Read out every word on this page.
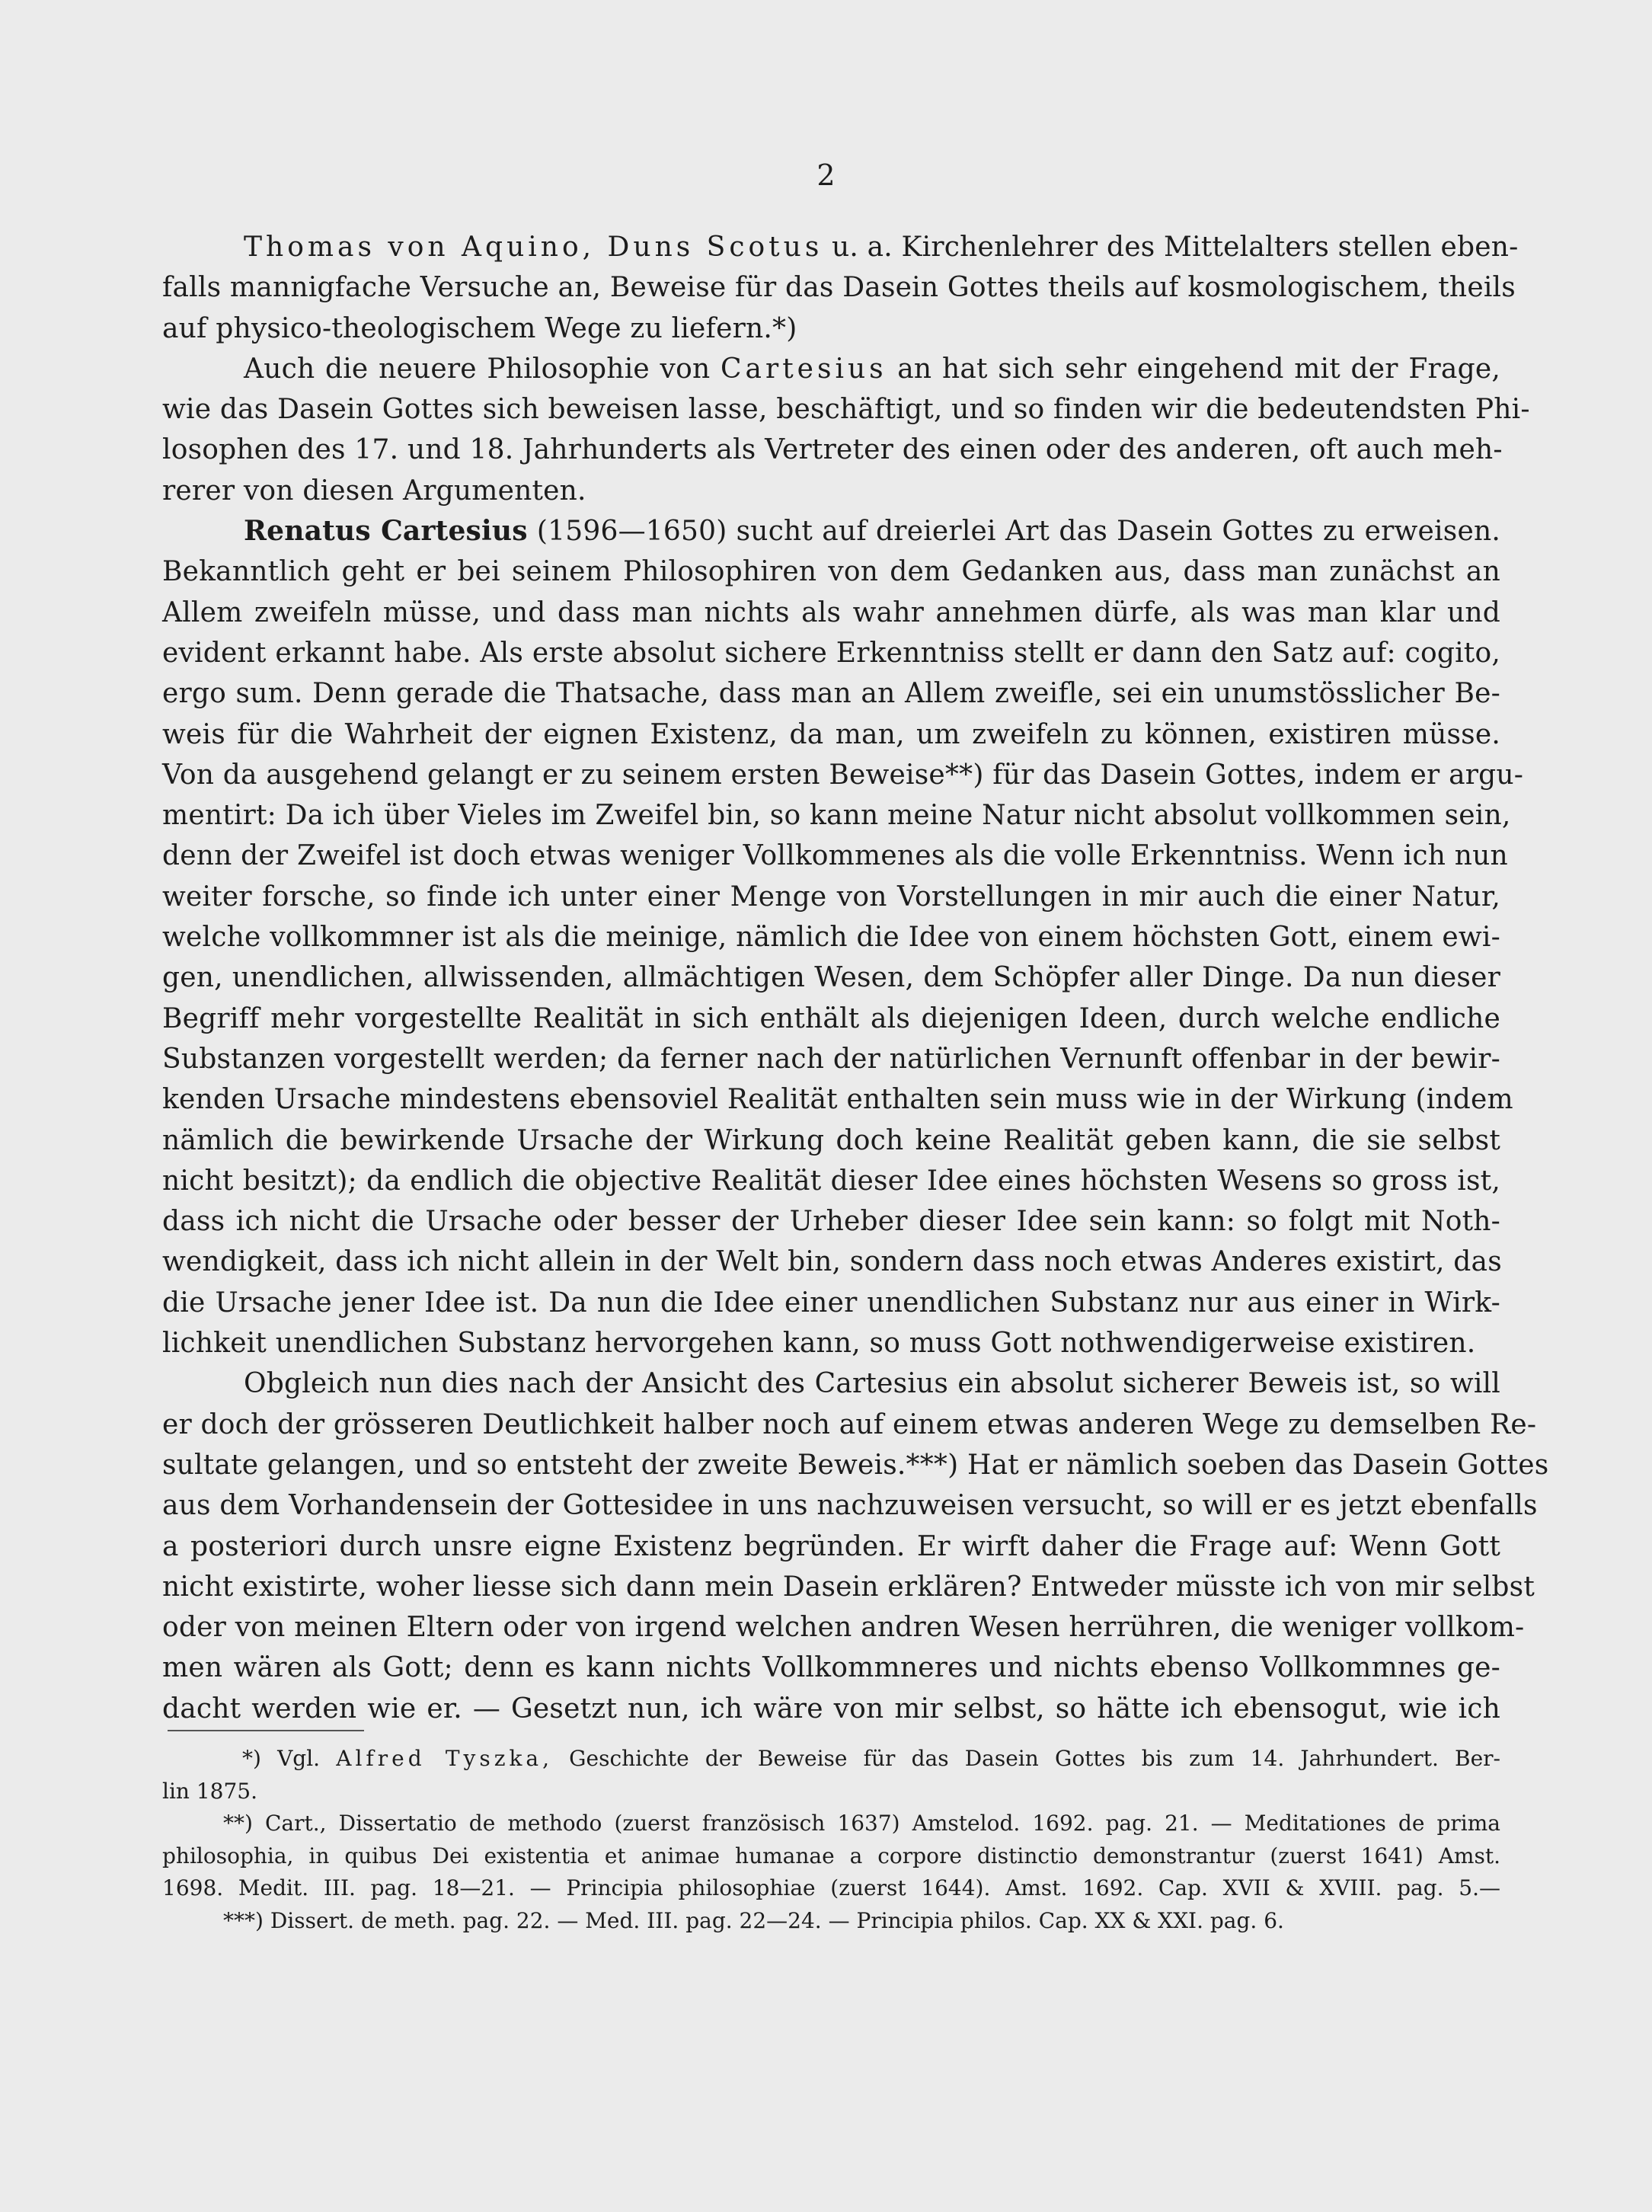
2
Thomas von Aquino, Duns Scotus u. a. Kirchenlehrer des Mittelalters stellen eben-
falls mannigfache Versuche an, Beweise für das Dasein Gottes theils auf kosmologischem, theils
auf physico-theologischem Wege zu liefern.*)
Auch die neuere Philosophie von Cartesius an hat sich sehr eingehend mit der Frage,
wie das Dasein Gottes sich beweisen lasse, beschäftigt, und so finden wir die bedeutendsten Phi-
losophen des 17. und 18. Jahrhunderts als Vertreter des einen oder des anderen, oft auch meh-
rerer von diesen Argumenten.
Renatus Cartesius (1596—1650) sucht auf dreierlei Art das Dasein Gottes zu erweisen.
Bekanntlich geht er bei seinem Philosophiren von dem Gedanken aus, dass man zunächst an
Allem zweifeln müsse, und dass man nichts als wahr annehmen dürfe, als was man klar und
evident erkannt habe. Als erste absolut sichere Erkenntniss stellt er dann den Satz auf: cogito,
ergo sum. Denn gerade die Thatsache, dass man an Allem zweifle, sei ein unumstösslicher Be-
weis für die Wahrheit der eignen Existenz, da man, um zweifeln zu können, existiren müsse.
Von da ausgehend gelangt er zu seinem ersten Beweise**) für das Dasein Gottes, indem er argu-
mentirt: Da ich über Vieles im Zweifel bin, so kann meine Natur nicht absolut vollkommen sein,
denn der Zweifel ist doch etwas weniger Vollkommenes als die volle Erkenntniss. Wenn ich nun
weiter forsche, so finde ich unter einer Menge von Vorstellungen in mir auch die einer Natur,
welche vollkommner ist als die meinige, nämlich die Idee von einem höchsten Gott, einem ewi-
gen, unendlichen, allwissenden, allmächtigen Wesen, dem Schöpfer aller Dinge. Da nun dieser
Begriff mehr vorgestellte Realität in sich enthält als diejenigen Ideen, durch welche endliche
Substanzen vorgestellt werden; da ferner nach der natürlichen Vernunft offenbar in der bewir-
kenden Ursache mindestens ebensoviel Realität enthalten sein muss wie in der Wirkung (indem
nämlich die bewirkende Ursache der Wirkung doch keine Realität geben kann, die sie selbst
nicht besitzt); da endlich die objective Realität dieser Idee eines höchsten Wesens so gross ist,
dass ich nicht die Ursache oder besser der Urheber dieser Idee sein kann: so folgt mit Noth-
wendigkeit, dass ich nicht allein in der Welt bin, sondern dass noch etwas Anderes existirt, das
die Ursache jener Idee ist. Da nun die Idee einer unendlichen Substanz nur aus einer in Wirk-
lichkeit unendlichen Substanz hervorgehen kann, so muss Gott nothwendigerweise existiren.
Obgleich nun dies nach der Ansicht des Cartesius ein absolut sicherer Beweis ist, so will
er doch der grösseren Deutlichkeit halber noch auf einem etwas anderen Wege zu demselben Re-
sultate gelangen, und so entsteht der zweite Beweis.***) Hat er nämlich soeben das Dasein Gottes
aus dem Vorhandensein der Gottesidee in uns nachzuweisen versucht, so will er es jetzt ebenfalls
a posteriori durch unsre eigne Existenz begründen. Er wirft daher die Frage auf: Wenn Gott
nicht existirte, woher liesse sich dann mein Dasein erklären? Entweder müsste ich von mir selbst
oder von meinen Eltern oder von irgend welchen andren Wesen herrühren, die weniger vollkom-
men wären als Gott; denn es kann nichts Vollkommneres und nichts ebenso Vollkommnes ge-
dacht werden wie er. — Gesetzt nun, ich wäre von mir selbst, so hätte ich ebensogut, wie ich
*) Vgl. Alfred Tyszka, Geschichte der Beweise für das Dasein Gottes bis zum 14. Jahrhundert. Ber-
lin 1875.
**) Cart., Dissertatio de methodo (zuerst französisch 1637) Amstelod. 1692. pag. 21. — Meditationes de prima
philosophia, in quibus Dei existentia et animae humanae a corpore distinctio demonstrantur (zuerst 1641) Amst.
1698. Medit. III. pag. 18—21. — Principia philosophiae (zuerst 1644). Amst. 1692. Cap. XVII & XVIII. pag. 5.—
***) Dissert. de meth. pag. 22. — Med. III. pag. 22—24. — Principia philos. Cap. XX & XXI. pag. 6.
